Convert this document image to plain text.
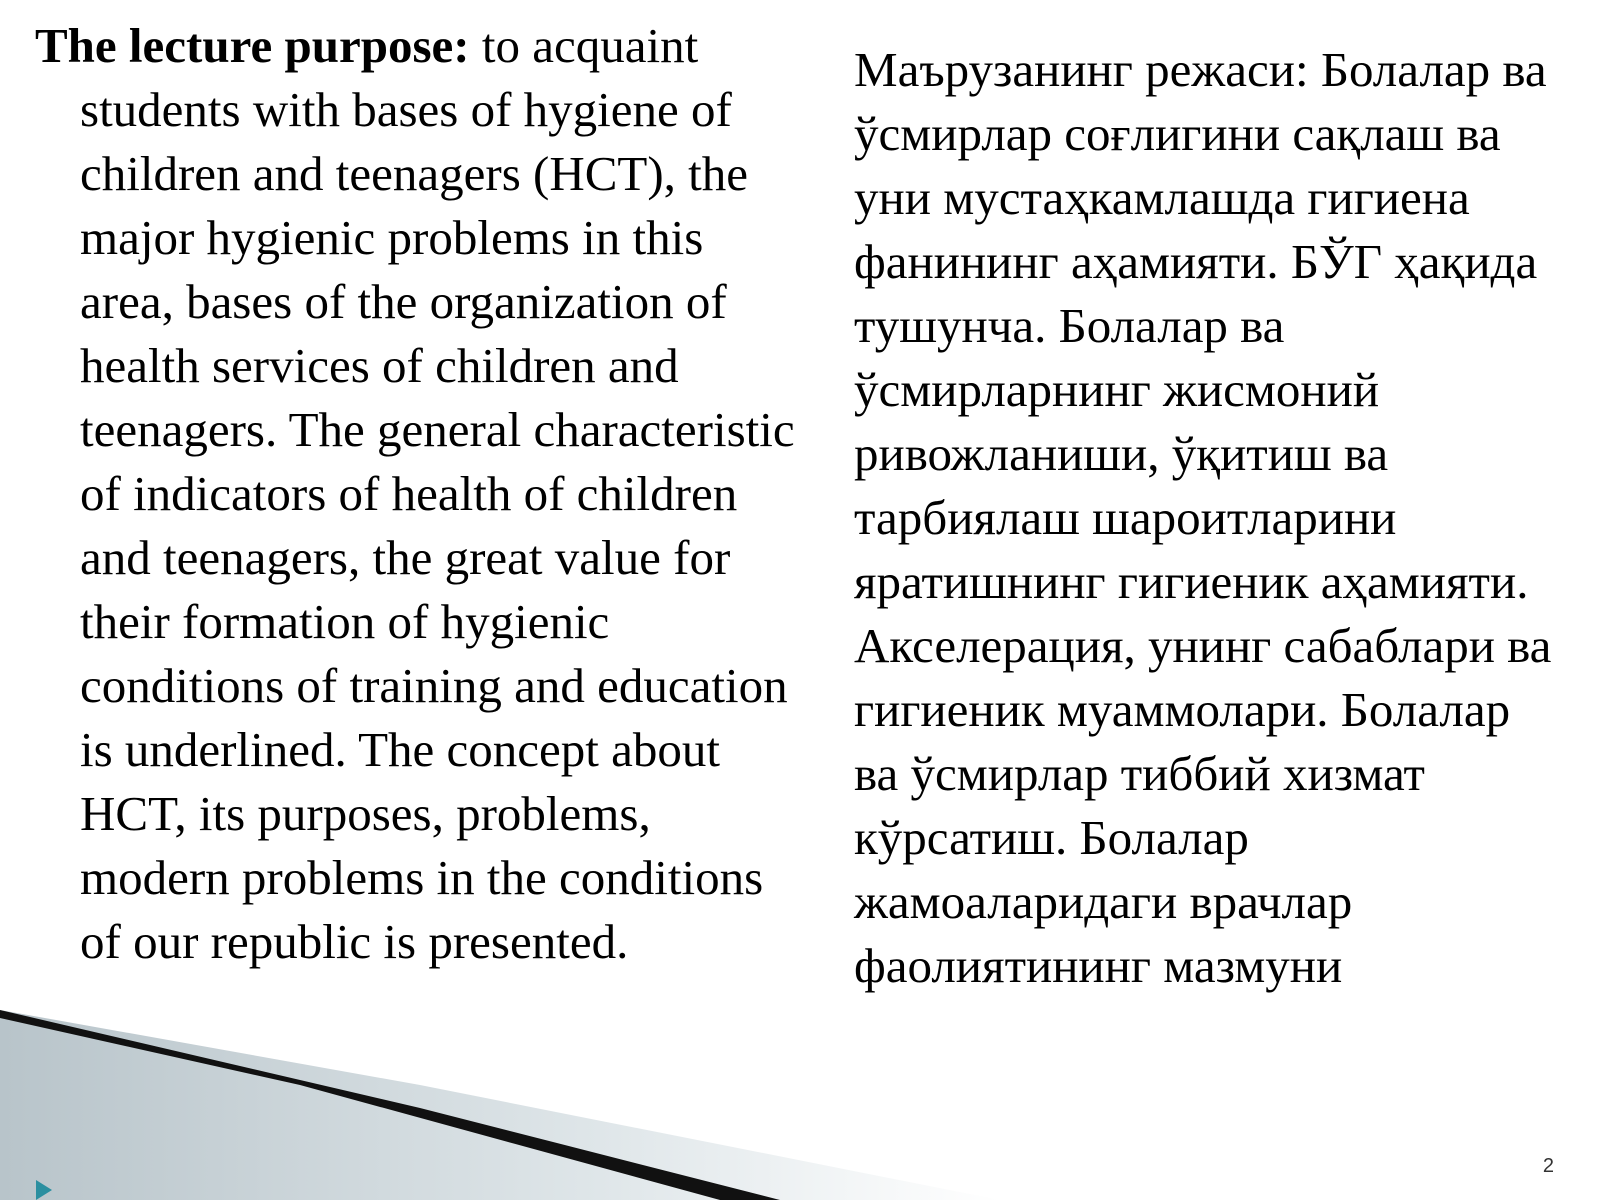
The lecture purpose: to acquaint students with bases of hygiene of children and teenagers (HCT), the major hygienic problems in this area, bases of the organization of health services of children and teenagers. The general characteristic of indicators of health of children and teenagers, the great value for their formation of hygienic conditions of training and education is underlined. The concept about HCT, its purposes, problems, modern problems in the conditions of our republic is presented.

Маърузанинг режаси: Болалар ва ўсмирлар соғлигини сақлаш ва уни мустаҳкамлашда гигиена фанининг аҳамияти. БЎГ ҳақида тушунча. Болалар ва ўсмирларнинг жисмоний ривожланиши, ўқитиш ва тарбиялаш шароитларини яратишнинг гигиеник аҳамияти. Акселерация, унинг сабаблари ва гигиеник муаммолари. Болалар ва ўсмирлар тиббий хизмат кўрсатиш. Болалар жамоаларидаги врачлар фаолиятининг мазмуни

2
